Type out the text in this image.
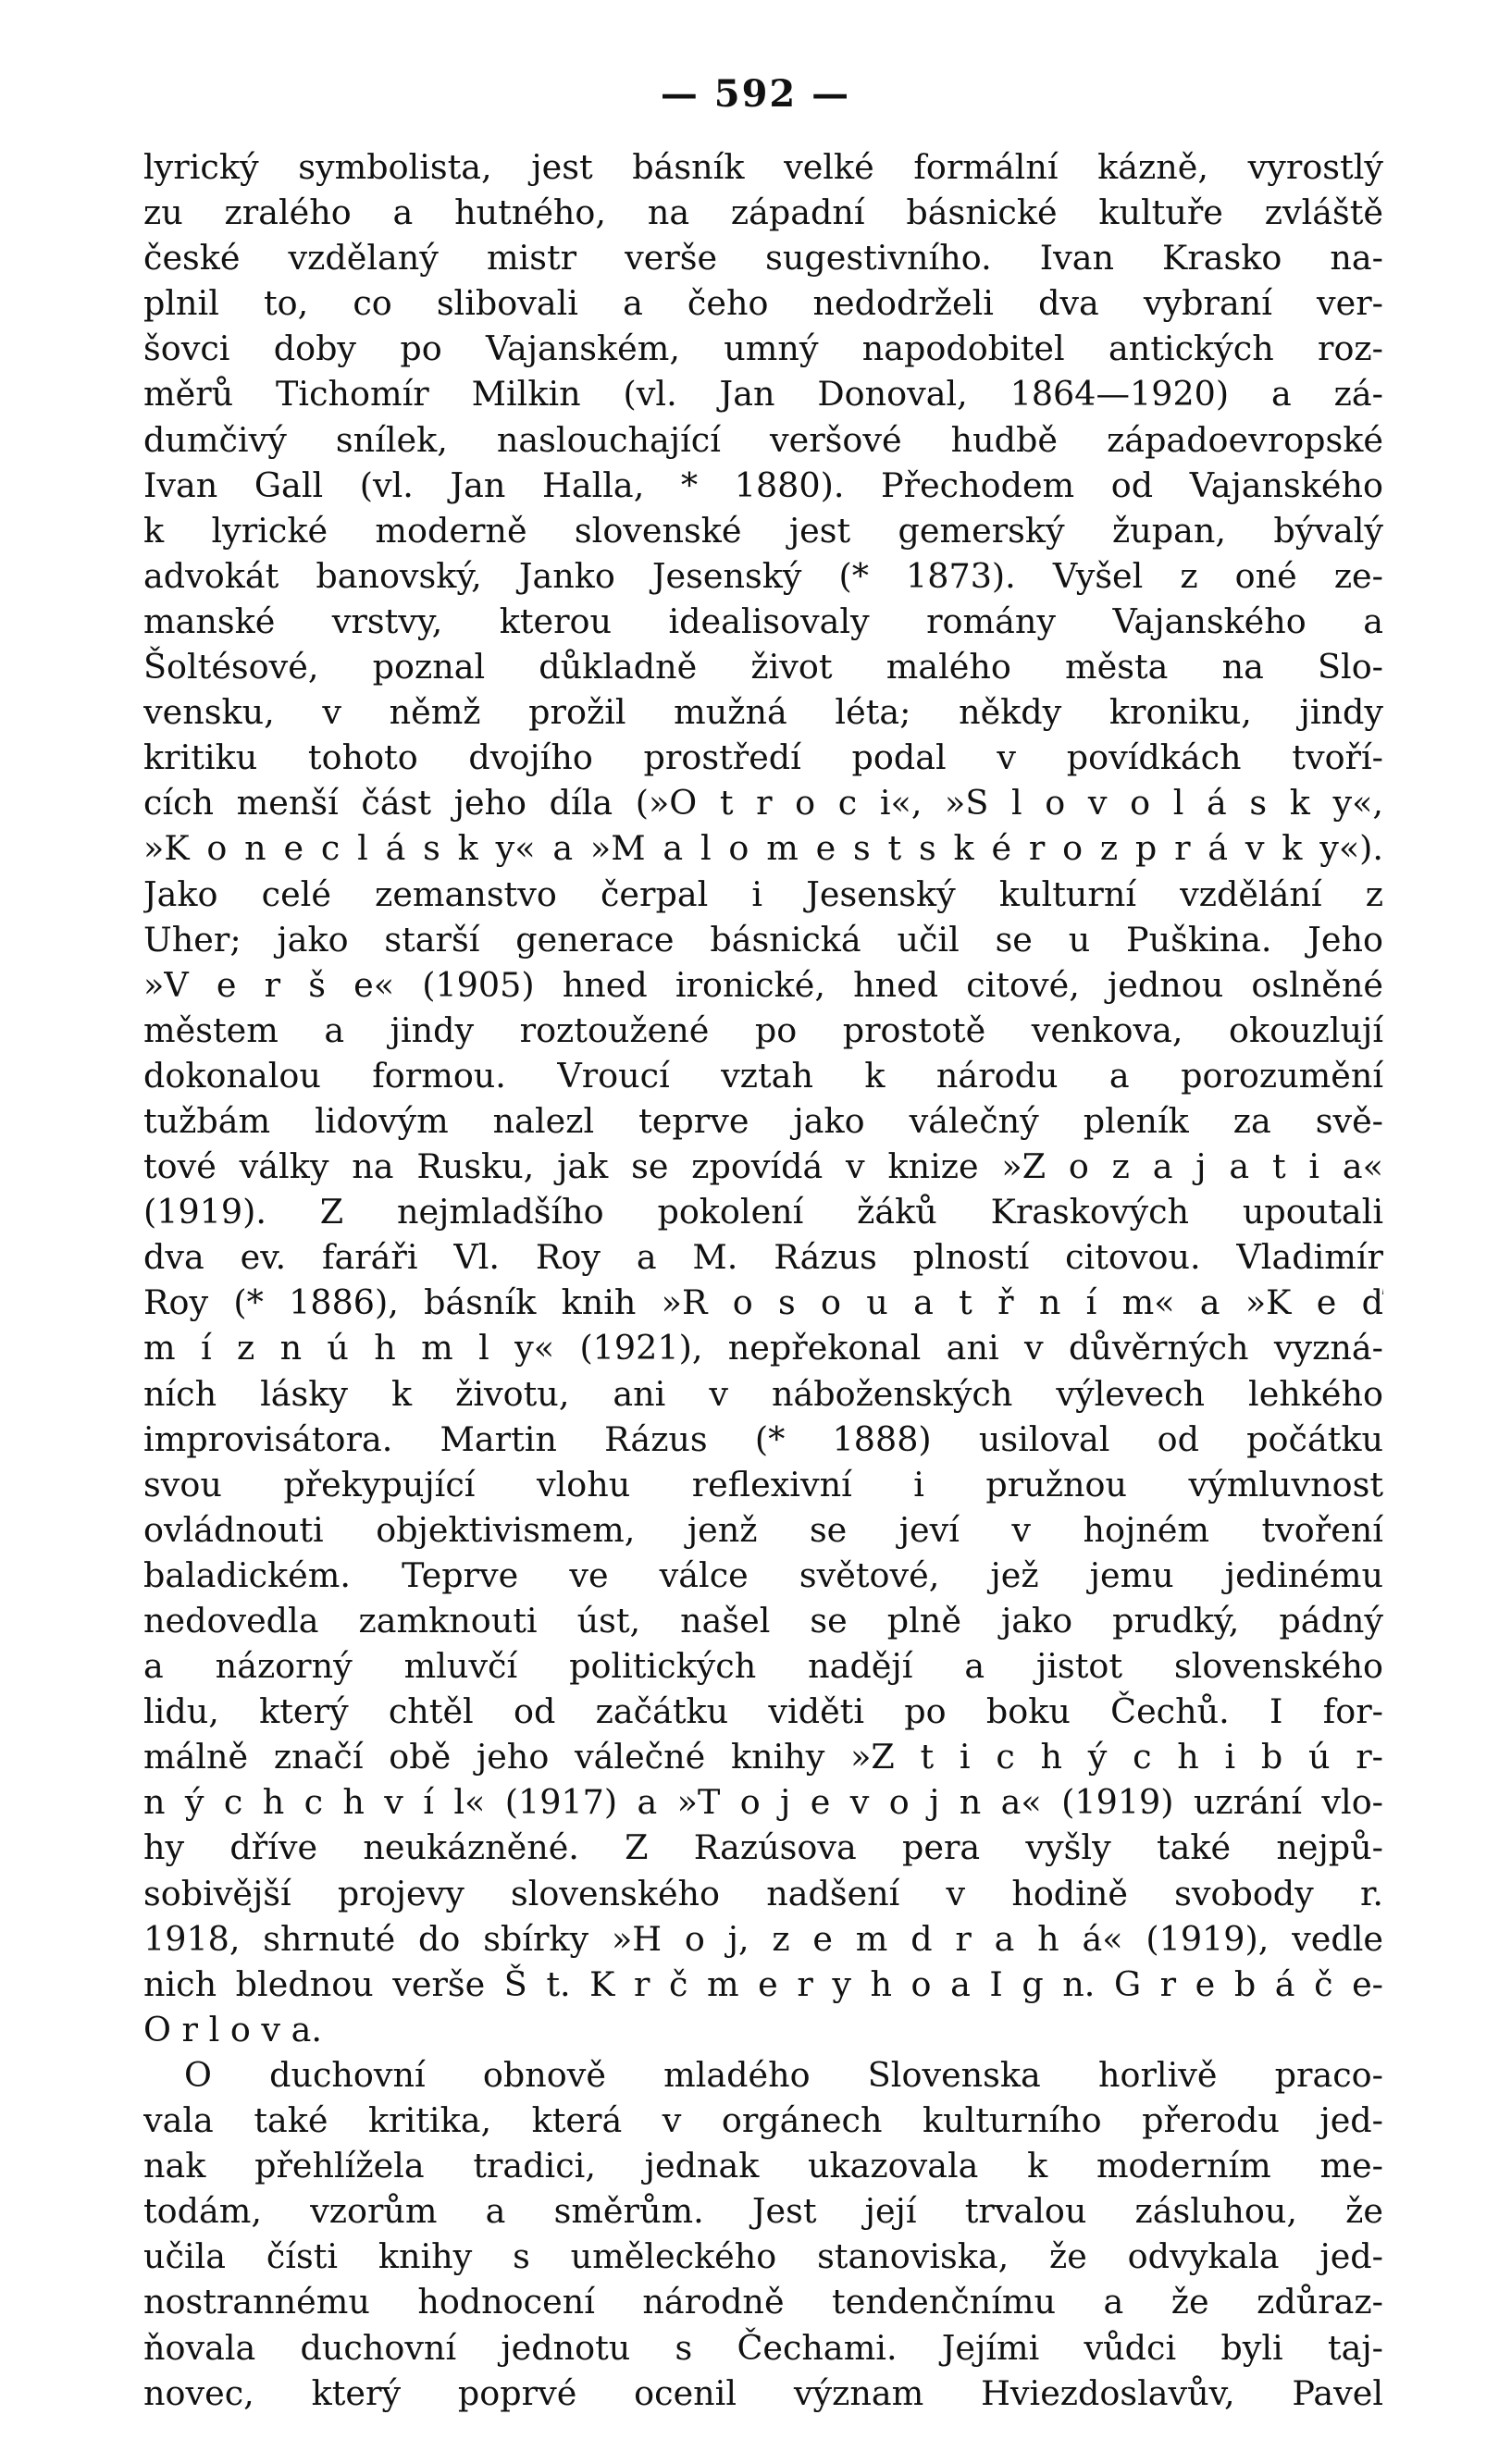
— 592 —
lyrický symbolista, jest básník velké formální kázně, vyrostlý
zu zralého a hutného, na západní básnické kultuře zvláště
české vzdělaný mistr verše sugestivního. Ivan Krasko na-
plnil to, co slibovali a čeho nedodrželi dva vybraní ver-
šovci doby po Vajanském, umný napodobitel antických roz-
měrů Tichomír Milkin (vl. Jan Donoval, 1864—1920) a zá-
dumčivý snílek, naslouchající veršové hudbě západoevropské
Ivan Gall (vl. Jan Halla, * 1880). Přechodem od Vajanského
k lyrické moderně slovenské jest gemerský župan, bývalý
advokát banovský, Janko Jesenský (* 1873). Vyšel z oné ze-
manské vrstvy, kterou idealisovaly romány Vajanského a
Šoltésové, poznal důkladně život malého města na Slo-
vensku, v němž prožil mužná léta; někdy kroniku, jindy
kritiku tohoto dvojího prostředí podal v povídkách tvoří-
cích menší část jeho díla (»O t r o c i«, »S l o v o l á s k y«,
»K o n e c l á s k y« a »M a l o m e s t s k é r o z p r á v k y«).
Jako celé zemanstvo čerpal i Jesenský kulturní vzdělání z
Uher; jako starší generace básnická učil se u Puškina. Jeho
»V e r š e« (1905) hned ironické, hned citové, jednou oslněné
městem a jindy roztoužené po prostotě venkova, okouzlují
dokonalou formou. Vroucí vztah k národu a porozumění
tužbám lidovým nalezl teprve jako válečný pleník za svě-
tové války na Rusku, jak se zpovídá v knize »Z o z a j a t i a«
(1919). Z nejmladšího pokolení žáků Kraskových upoutali
dva ev. faráři Vl. Roy a M. Rázus plností citovou. Vladimír
Roy (* 1886), básník knih »R o s o u a t ř n í m« a »K e ď
m í z n ú h m l y« (1921), nepřekonal ani v důvěrných vyzná-
ních lásky k životu, ani v náboženských výlevech lehkého
improvisátora. Martin Rázus (* 1888) usiloval od počátku
svou překypující vlohu reflexivní i pružnou výmluvnost
ovládnouti objektivismem, jenž se jeví v hojném tvoření
baladickém. Teprve ve válce světové, jež jemu jedinému
nedovedla zamknouti úst, našel se plně jako prudký, pádný
a názorný mluvčí politických nadějí a jistot slovenského
lidu, který chtěl od začátku viděti po boku Čechů. I for-
málně značí obě jeho válečné knihy »Z t i c h ý c h i b ú r-
n ý c h c h v í l« (1917) a »T o j e v o j n a« (1919) uzrání vlo-
hy dříve neukázněné. Z Razúsova pera vyšly také nejpů-
sobivější projevy slovenského nadšení v hodině svobody r.
1918, shrnuté do sbírky »H o j, z e m d r a h á« (1919), vedle
nich blednou verše Š t. K r č m e r y h o a I g n. G r e b á č e-
O r l o v a.
O duchovní obnově mladého Slovenska horlivě praco-
vala také kritika, která v orgánech kulturního přerodu jed-
nak přehlížela tradici, jednak ukazovala k moderním me-
todám, vzorům a směrům. Jest její trvalou zásluhou, že
učila čísti knihy s uměleckého stanoviska, že odvykala jed-
nostrannému hodnocení národně tendenčnímu a že zdůraz-
ňovala duchovní jednotu s Čechami. Jejími vůdci byli taj-
novec, který poprvé ocenil význam Hviezdoslavův, Pavel
